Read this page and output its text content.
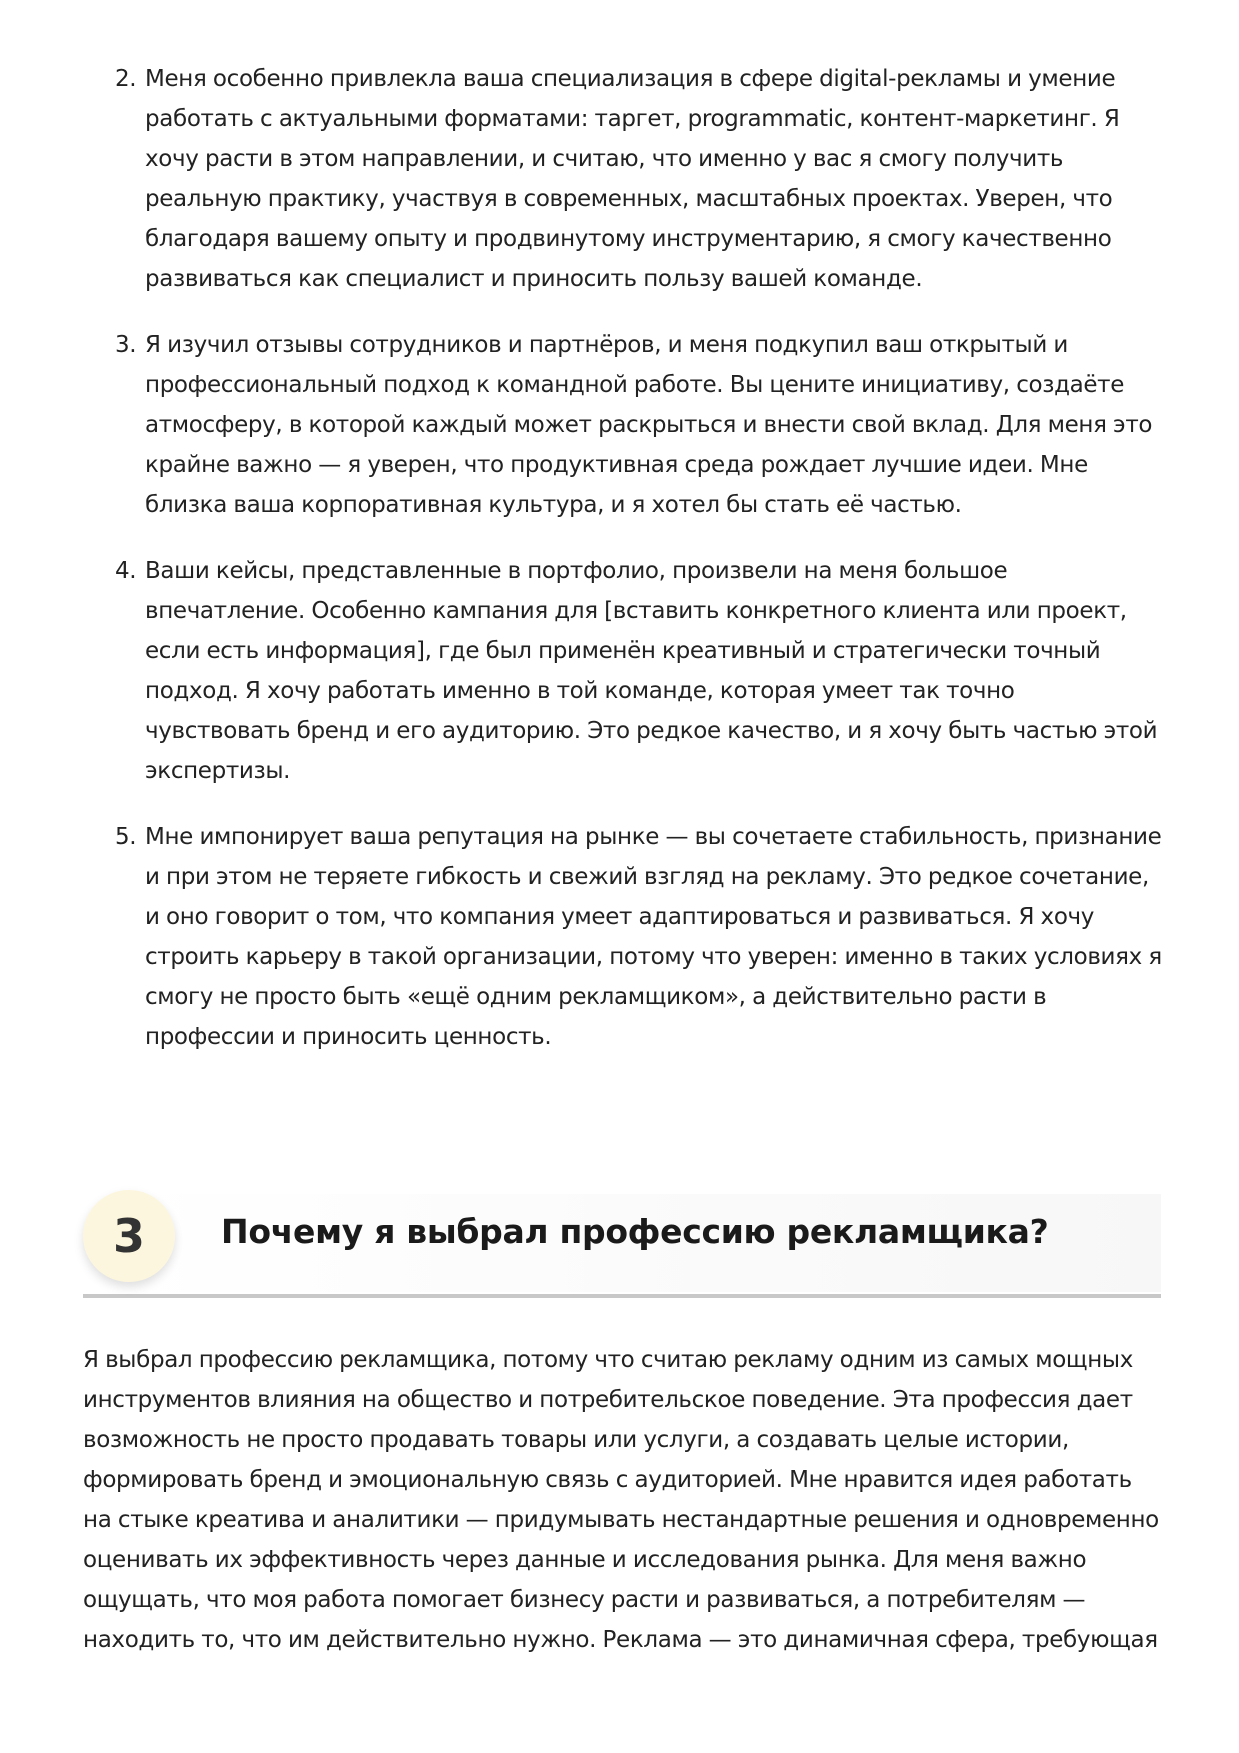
2. Меня особенно привлекла ваша специализация в сфере digital-рекламы и умение работать с актуальными форматами: таргет, programmatic, контент-маркетинг. Я хочу расти в этом направлении, и считаю, что именно у вас я смогу получить реальную практику, участвуя в современных, масштабных проектах. Уверен, что благодаря вашему опыту и продвинутому инструментарию, я смогу качественно развиваться как специалист и приносить пользу вашей команде.
3. Я изучил отзывы сотрудников и партнёров, и меня подкупил ваш открытый и профессиональный подход к командной работе. Вы цените инициативу, создаёте атмосферу, в которой каждый может раскрыться и внести свой вклад. Для меня это крайне важно — я уверен, что продуктивная среда рождает лучшие идеи. Мне близка ваша корпоративная культура, и я хотел бы стать её частью.
4. Ваши кейсы, представленные в портфолио, произвели на меня большое впечатление. Особенно кампания для [вставить конкретного клиента или проект, если есть информация], где был применён креативный и стратегически точный подход. Я хочу работать именно в той команде, которая умеет так точно чувствовать бренд и его аудиторию. Это редкое качество, и я хочу быть частью этой экспертизы.
5. Мне импонирует ваша репутация на рынке — вы сочетаете стабильность, признание и при этом не теряете гибкость и свежий взгляд на рекламу. Это редкое сочетание, и оно говорит о том, что компания умеет адаптироваться и развиваться. Я хочу строить карьеру в такой организации, потому что уверен: именно в таких условиях я смогу не просто быть «ещё одним рекламщиком», а действительно расти в профессии и приносить ценность.
3	Почему я выбрал профессию рекламщика?

Я выбрал профессию рекламщика, потому что считаю рекламу одним из самых мощных инструментов влияния на общество и потребительское поведение. Эта профессия дает возможность не просто продавать товары или услуги, а создавать целые истории, формировать бренд и эмоциональную связь с аудиторией. Мне нравится идея работать на стыке креатива и аналитики — придумывать нестандартные решения и одновременно оценивать их эффективность через данные и исследования рынка. Для меня важно ощущать, что моя работа помогает бизнесу расти и развиваться, а потребителям — находить то, что им действительно нужно. Реклама — это динамичная сфера, требующая
